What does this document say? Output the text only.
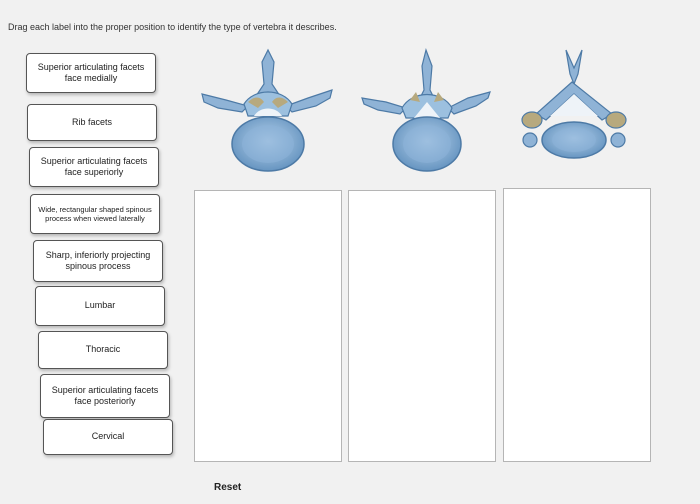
Drag each label into the proper position to identify the type of vertebra it describes.
Superior articulating facets face medially
Rib facets
Superior articulating facets face superiorly
Wide, rectangular shaped spinous process when viewed laterally
Sharp, inferiorly projecting spinous process
Lumbar
Thoracic
Superior articulating facets face posteriorly
Cervical
Reset
